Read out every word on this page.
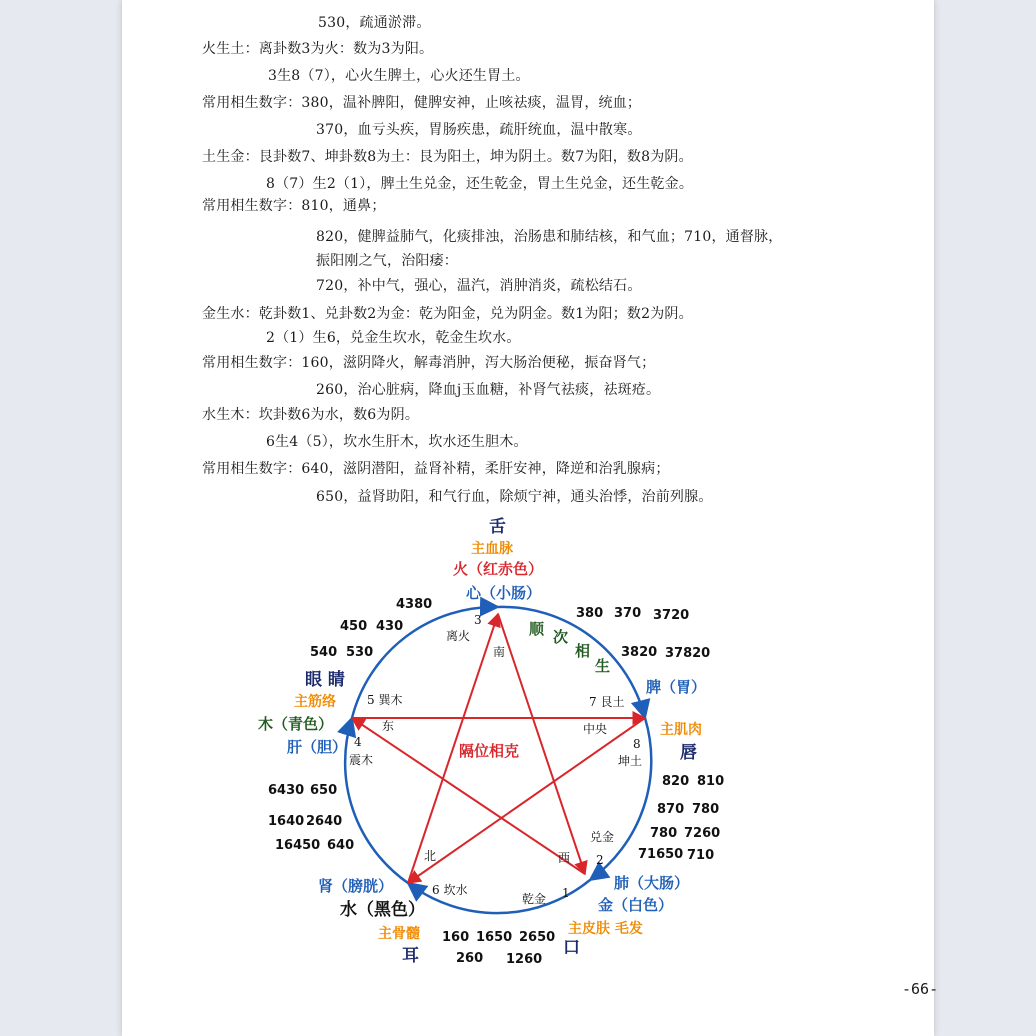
530，疏通淤滞。
火生土：离卦数3为火：数为3为阳。
3生8（7），心火生脾土，心火还生胃土。
常用相生数字：380，温补脾阳，健脾安神，止咳祛痰，温胃，统血；
370，血亏头疾，胃肠疾患，疏肝统血，温中散寒。
土生金：艮卦数7、坤卦数8为土：艮为阳土，坤为阴土。数7为阳，数8为阴。
8（7）生2（1），脾土生兑金，还生乾金，胃土生兑金，还生乾金。
常用相生数字：810，通鼻；
820，健脾益肺气，化痰排浊，治肠患和肺结核，和气血；710，通督脉，
振阳刚之气，治阳痿：
720，补中气，强心，温汽，消肿消炎，疏松结石。
金生水：乾卦数1、兑卦数2为金：乾为阳金，兑为阴金。数1为阳；数2为阴。
2（1）生6，兑金生坎水，乾金生坎水。
常用相生数字：160，滋阴降火，解毒消肿，泻大肠治便秘，振奋肾气；
260，治心脏病，降血j玉血糖，补肾气祛痰，祛斑疮。
水生木：坎卦数6为水，数6为阴。
6生4（5），坎水生肝木，坎水还生胆木。
常用相生数字：640，滋阴潜阳，益肾补精，柔肝安神，降逆和治乳腺病；
650，益肾助阳，和气行血，除烦宁神，通头治悸，治前列腺。
-66-
隔位相克
舌
主血脉
火（红赤色）
心（小肠）
3
离火
南
顺 次
相
生
380 370 3720
3820 37820
脾（胃）
主肌肉
唇
7 艮土
中央
8
坤土
820 810
870 780
780 7260
71650 710
兑金
2
西
1
乾金
肺（大肠）
金（白色）
主皮肤 毛发
口
160 1650 2650
260 1260
6 坎水
北
肾（膀胱）
水（黑色）
主骨髓
耳
6430 650
1640 2640
16450 640
眼 睛
主筋络
木（青色）
肝（胆）
5 巽木
东
4
震木
4380
450 430
540 530
